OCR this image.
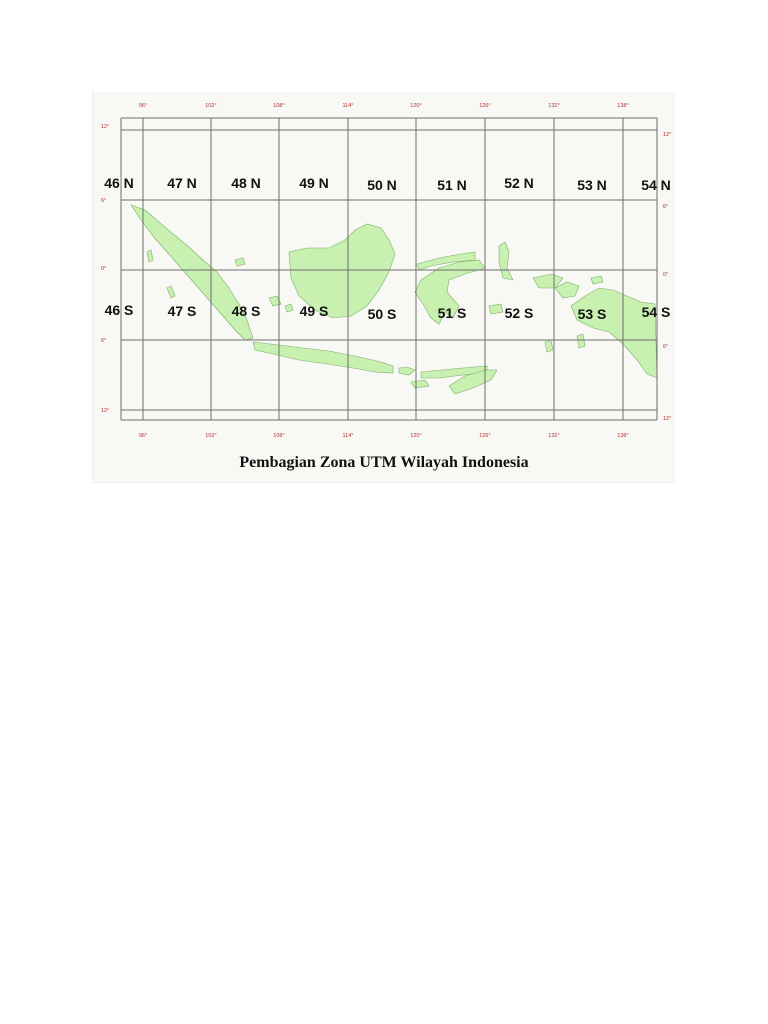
96°	102°	108°	114°	120°	126°	132°	138°
96°	102°	108°	114°	120°	126°	132°	138°
12°
6°
0°
6°
12°
12°
6°
0°
6°
12°
46 N 47 N 48 N	49 N	50 N	51 N	52 N	53 N 54 N
46 S 47 S	48 S	49 S	50 S	51 S	52 S	53 S	54 S
Pembagian Zona UTM Wilayah Indonesia
